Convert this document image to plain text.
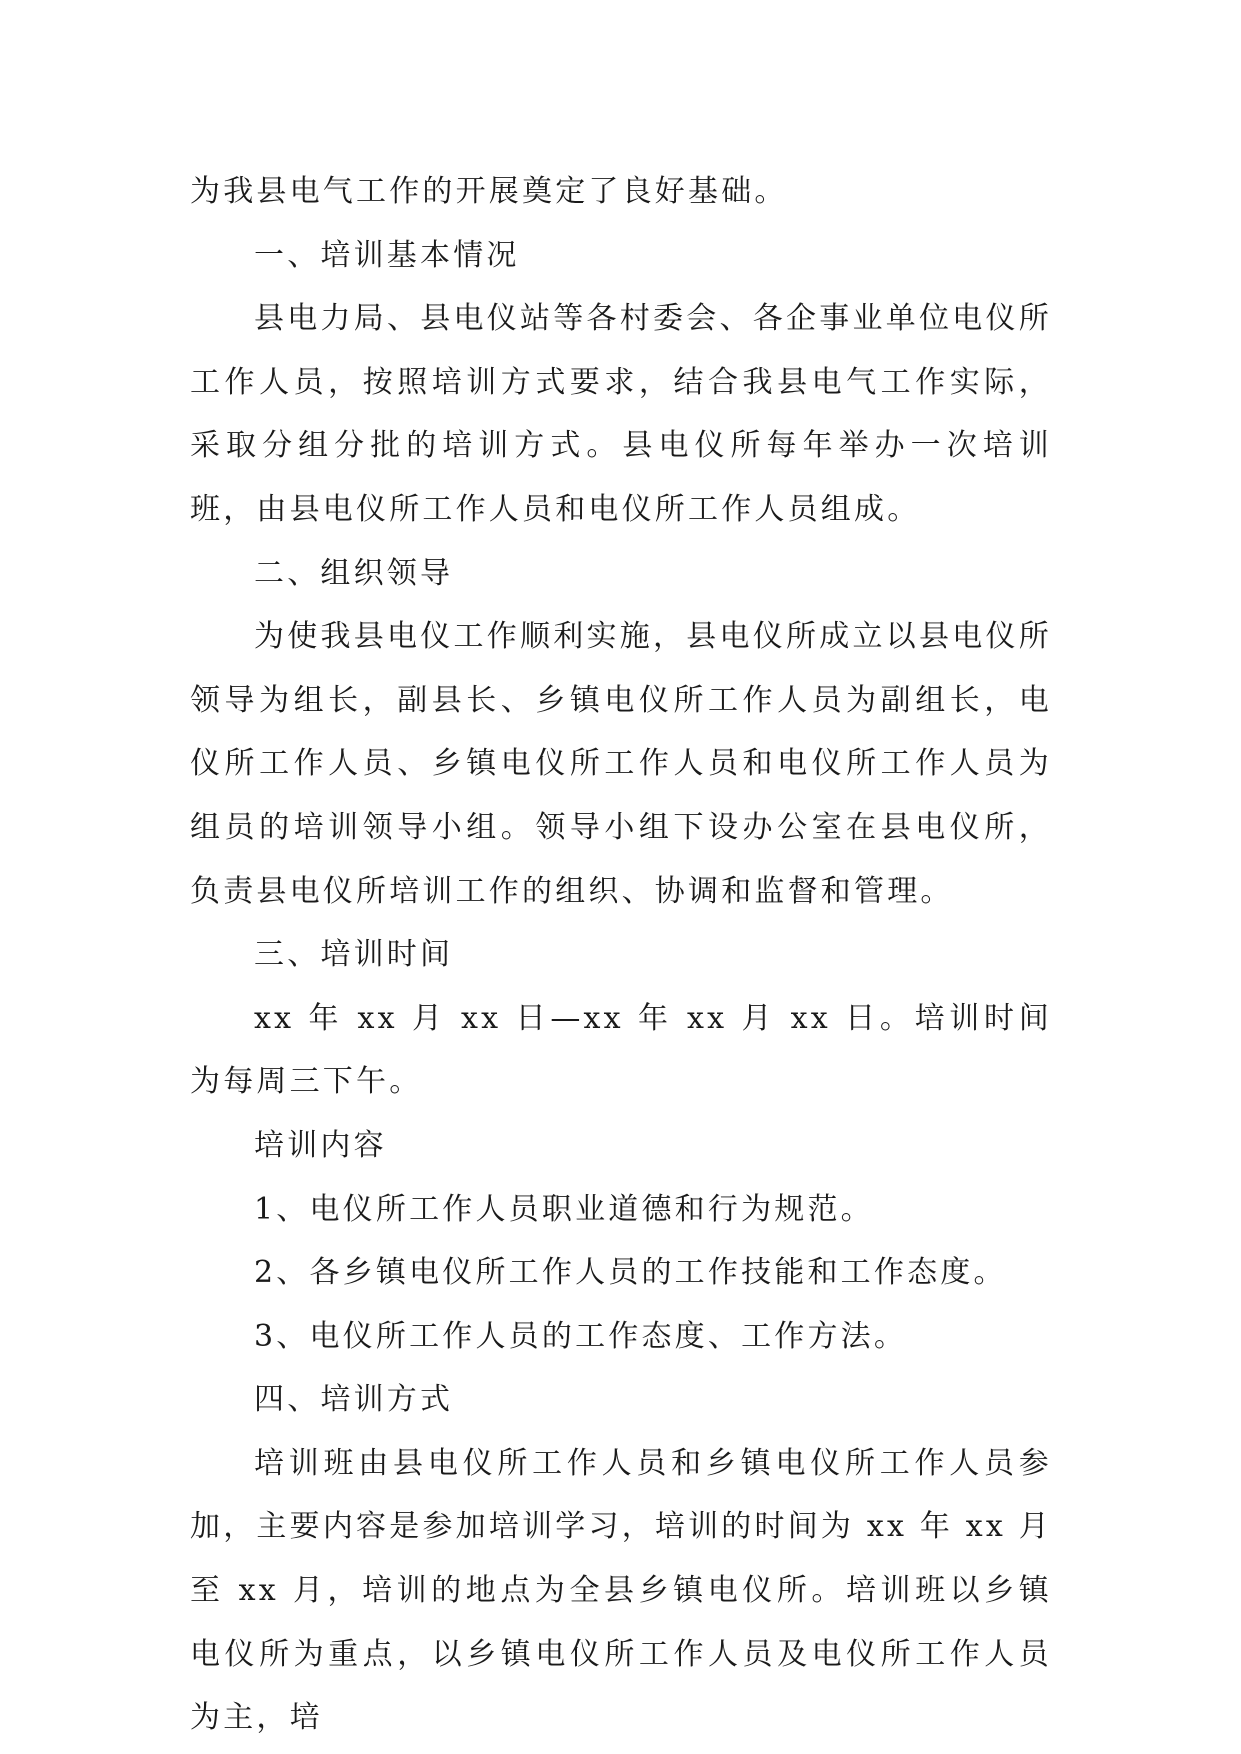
为我县电气工作的开展奠定了良好基础。

一、培训基本情况

县电力局、县电仪站等各村委会、各企事业单位电仪所工作人员，按照培训方式要求，结合我县电气工作实际，采取分组分批的培训方式。县电仪所每年举办一次培训班，由县电仪所工作人员和电仪所工作人员组成。

二、组织领导

为使我县电仪工作顺利实施，县电仪所成立以县电仪所领导为组长，副县长、乡镇电仪所工作人员为副组长，电仪所工作人员、乡镇电仪所工作人员和电仪所工作人员为组员的培训领导小组。领导小组下设办公室在县电仪所，负责县电仪所培训工作的组织、协调和监督和管理。

三、培训时间

xx 年 xx 月 xx 日—xx 年 xx 月 xx 日。培训时间为每周三下午。

培训内容

1、电仪所工作人员职业道德和行为规范。

2、各乡镇电仪所工作人员的工作技能和工作态度。

3、电仪所工作人员的工作态度、工作方法。

四、培训方式

培训班由县电仪所工作人员和乡镇电仪所工作人员参加，主要内容是参加培训学习，培训的时间为 xx 年 xx 月至 xx 月，培训的地点为全县乡镇电仪所。培训班以乡镇电仪所为重点，以乡镇电仪所工作人员及电仪所工作人员为主，培
